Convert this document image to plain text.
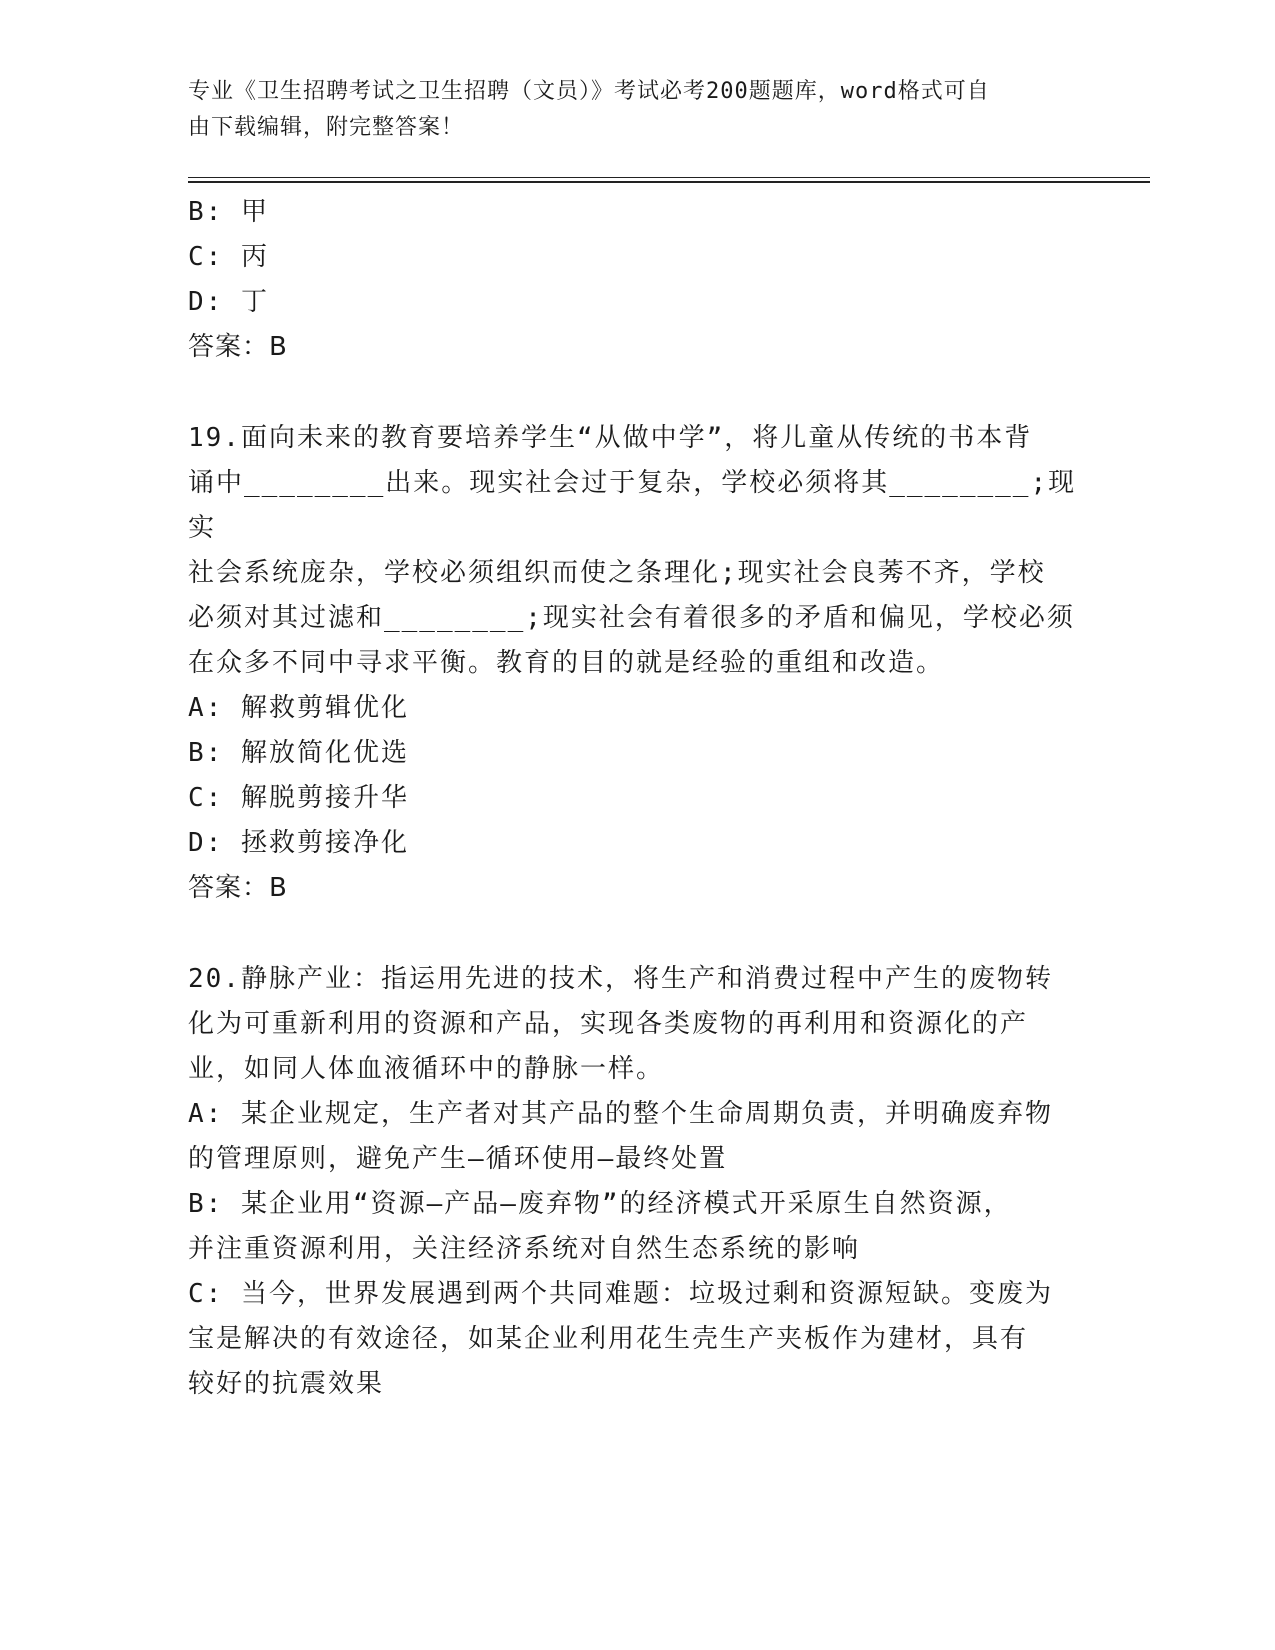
专业《卫生招聘考试之卫生招聘（文员）》考试必考200题题库，word格式可自
由下载编辑，附完整答案！
B: 甲
C: 丙
D: 丁
答案：B
19.面向未来的教育要培养学生“从做中学”，将儿童从传统的书本背
诵中________出来。现实社会过于复杂，学校必须将其________;现实
社会系统庞杂，学校必须组织而使之条理化;现实社会良莠不齐，学校
必须对其过滤和________;现实社会有着很多的矛盾和偏见，学校必须
在众多不同中寻求平衡。教育的目的就是经验的重组和改造。
A: 解救剪辑优化
B: 解放简化优选
C: 解脱剪接升华
D: 拯救剪接净化
答案：B
20.静脉产业：指运用先进的技术，将生产和消费过程中产生的废物转
化为可重新利用的资源和产品，实现各类废物的再利用和资源化的产
业，如同人体血液循环中的静脉一样。
A: 某企业规定，生产者对其产品的整个生命周期负责，并明确废弃物
的管理原则，避免产生—循环使用—最终处置
B: 某企业用“资源—产品—废弃物”的经济模式开采原生自然资源，
并注重资源利用，关注经济系统对自然生态系统的影响
C: 当今，世界发展遇到两个共同难题：垃圾过剩和资源短缺。变废为
宝是解决的有效途径，如某企业利用花生壳生产夹板作为建材，具有
较好的抗震效果
